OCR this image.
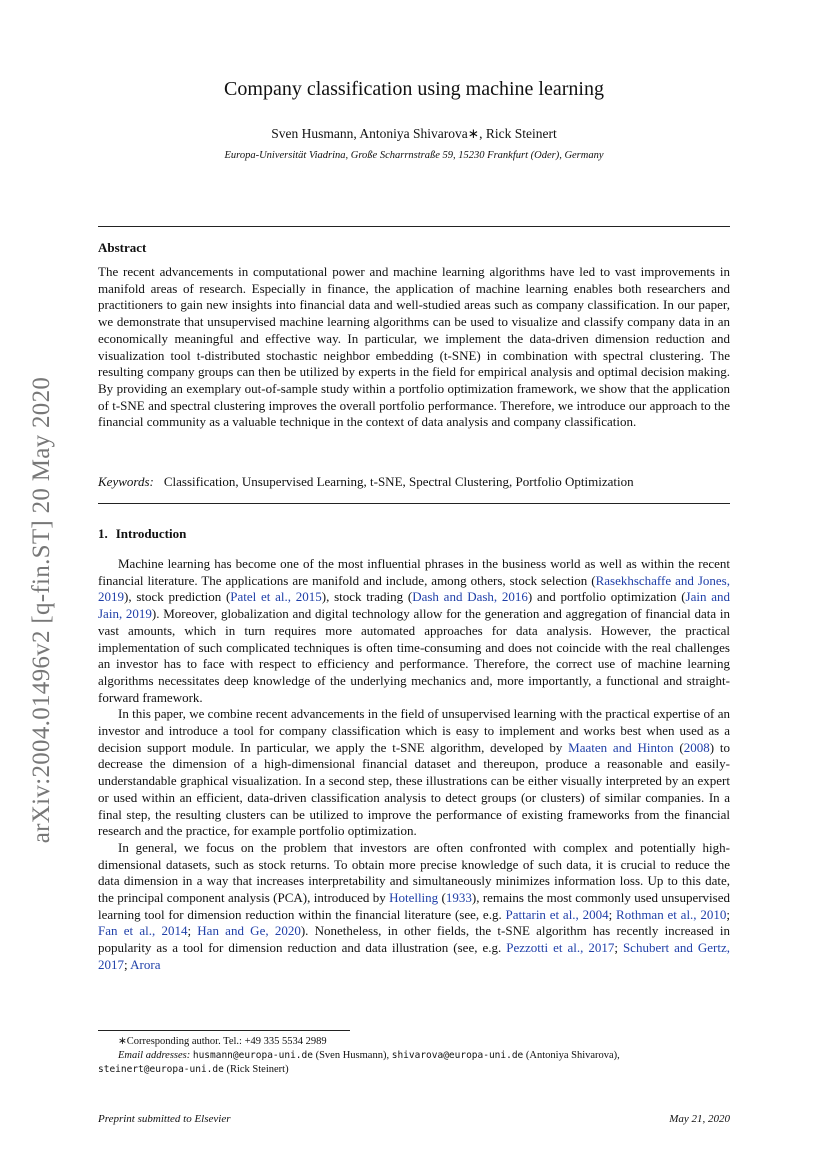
arXiv:2004.01496v2 [q-fin.ST] 20 May 2020
Company classification using machine learning
Sven Husmann, Antoniya Shivarova∗, Rick Steinert
Europa-Universität Viadrina, Große Scharrnstraße 59, 15230 Frankfurt (Oder), Germany
Abstract

The recent advancements in computational power and machine learning algorithms have led to vast improvements in manifold areas of research. Especially in finance, the application of machine learning enables both researchers and practitioners to gain new insights into financial data and well-studied areas such as company classification. In our paper, we demonstrate that unsupervised machine learning algorithms can be used to visualize and classify company data in an economically meaningful and effective way. In particular, we implement the data-driven dimension reduction and visualization tool t-distributed stochastic neighbor embedding (t-SNE) in combination with spectral clustering. The resulting company groups can then be utilized by experts in the field for empirical analysis and optimal decision making. By providing an exemplary out-of-sample study within a portfolio optimization framework, we show that the application of t-SNE and spectral clustering improves the overall portfolio performance. Therefore, we introduce our approach to the financial community as a valuable technique in the context of data analysis and company classification.

Keywords: Classification, Unsupervised Learning, t-SNE, Spectral Clustering, Portfolio Optimization
1. Introduction

Machine learning has become one of the most influential phrases in the business world as well as within the recent financial literature. The applications are manifold and include, among others, stock selection (Rasekhschaffe and Jones, 2019), stock prediction (Patel et al., 2015), stock trading (Dash and Dash, 2016) and portfolio optimization (Jain and Jain, 2019). Moreover, globalization and digital technology allow for the generation and aggregation of financial data in vast amounts, which in turn requires more automated approaches for data analysis. However, the practical implementation of such complicated techniques is often time-consuming and does not coincide with the real challenges an investor has to face with respect to efficiency and performance. Therefore, the correct use of machine learning algorithms necessitates deep knowledge of the underlying mechanics and, more importantly, a functional and straight-forward framework.

In this paper, we combine recent advancements in the field of unsupervised learning with the practical expertise of an investor and introduce a tool for company classification which is easy to implement and works best when used as a decision support module. In particular, we apply the t-SNE algorithm, developed by Maaten and Hinton (2008) to decrease the dimension of a high-dimensional financial dataset and thereupon, produce a reasonable and easily-understandable graphical visualization. In a second step, these illustrations can be either visually interpreted by an expert or used within an efficient, data-driven classification analysis to detect groups (or clusters) of similar companies. In a final step, the resulting clusters can be utilized to improve the performance of existing frameworks from the financial research and the practice, for example portfolio optimization.

In general, we focus on the problem that investors are often confronted with complex and potentially high-dimensional datasets, such as stock returns. To obtain more precise knowledge of such data, it is crucial to reduce the data dimension in a way that increases interpretability and simultaneously minimizes information loss. Up to this date, the principal component analysis (PCA), introduced by Hotelling (1933), remains the most commonly used unsupervised learning tool for dimension reduction within the financial literature (see, e.g. Pattarin et al., 2004; Rothman et al., 2010; Fan et al., 2014; Han and Ge, 2020). Nonetheless, in other fields, the t-SNE algorithm has recently increased in popularity as a tool for dimension reduction and data illustration (see, e.g. Pezzotti et al., 2017; Schubert and Gertz, 2017; Arora

∗Corresponding author. Tel.: +49 335 5534 2989
Email addresses: husmann@europa-uni.de (Sven Husmann), shivarova@europa-uni.de (Antoniya Shivarova),
steinert@europa-uni.de (Rick Steinert)
Preprint submitted to Elsevier	May 21, 2020
